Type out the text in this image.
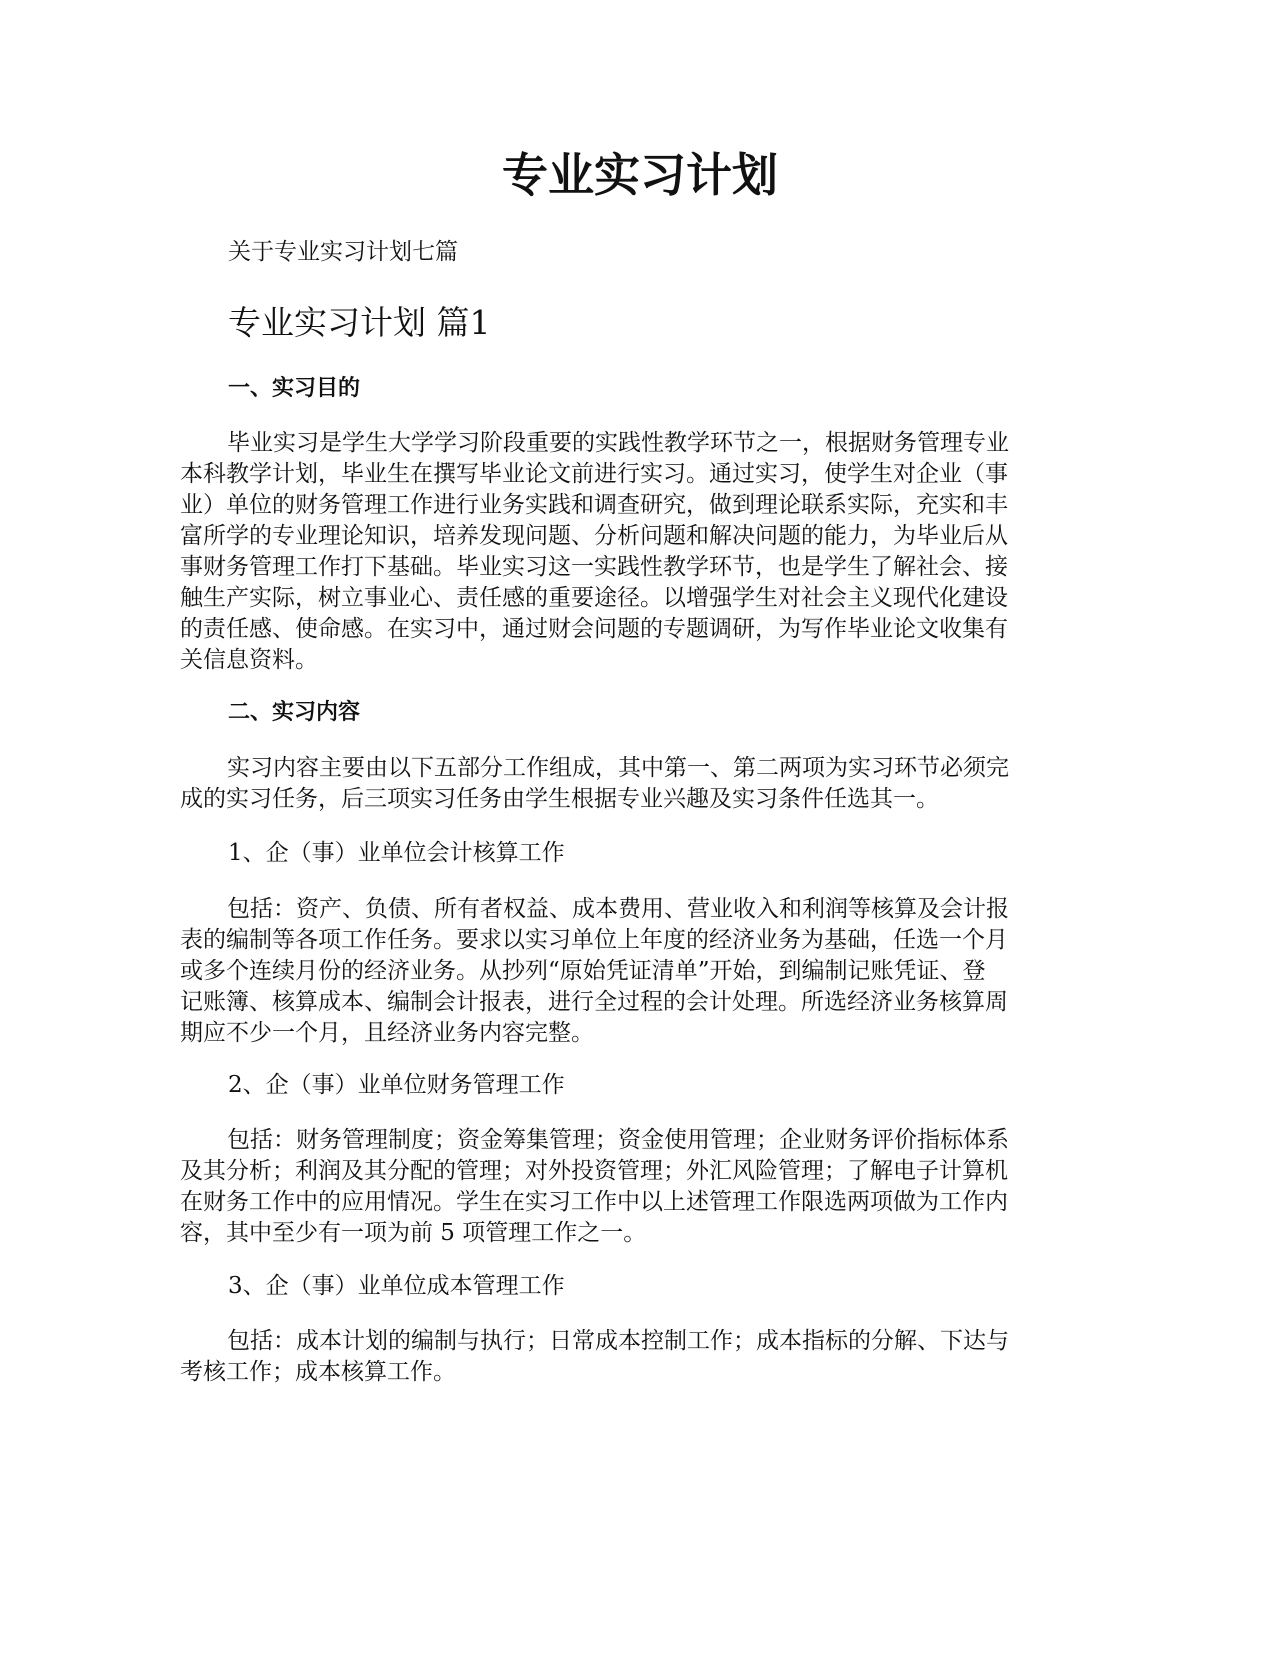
专业实习计划
关于专业实习计划七篇
专业实习计划 篇1
一、实习目的
毕业实习是学生大学学习阶段重要的实践性教学环节之一，根据财务管理专业
本科教学计划，毕业生在撰写毕业论文前进行实习。通过实习，使学生对企业（事
业）单位的财务管理工作进行业务实践和调查研究，做到理论联系实际，充实和丰
富所学的专业理论知识，培养发现问题、分析问题和解决问题的能力，为毕业后从
事财务管理工作打下基础。毕业实习这一实践性教学环节，也是学生了解社会、接
触生产实际，树立事业心、责任感的重要途径。以增强学生对社会主义现代化建设
的责任感、使命感。在实习中，通过财会问题的专题调研，为写作毕业论文收集有
关信息资料。
二、实习内容
实习内容主要由以下五部分工作组成，其中第一、第二两项为实习环节必须完
成的实习任务，后三项实习任务由学生根据专业兴趣及实习条件任选其一。
1、企（事）业单位会计核算工作
包括：资产、负债、所有者权益、成本费用、营业收入和利润等核算及会计报
表的编制等各项工作任务。要求以实习单位上年度的经济业务为基础，任选一个月
或多个连续月份的经济业务。从抄列“原始凭证清单”开始，到编制记账凭证、登
记账簿、核算成本、编制会计报表，进行全过程的会计处理。所选经济业务核算周
期应不少一个月，且经济业务内容完整。
2、企（事）业单位财务管理工作
包括：财务管理制度；资金筹集管理；资金使用管理；企业财务评价指标体系
及其分析；利润及其分配的管理；对外投资管理；外汇风险管理；了解电子计算机
在财务工作中的应用情况。学生在实习工作中以上述管理工作限选两项做为工作内
容，其中至少有一项为前 5 项管理工作之一。
3、企（事）业单位成本管理工作
包括：成本计划的编制与执行；日常成本控制工作；成本指标的分解、下达与
考核工作；成本核算工作。
